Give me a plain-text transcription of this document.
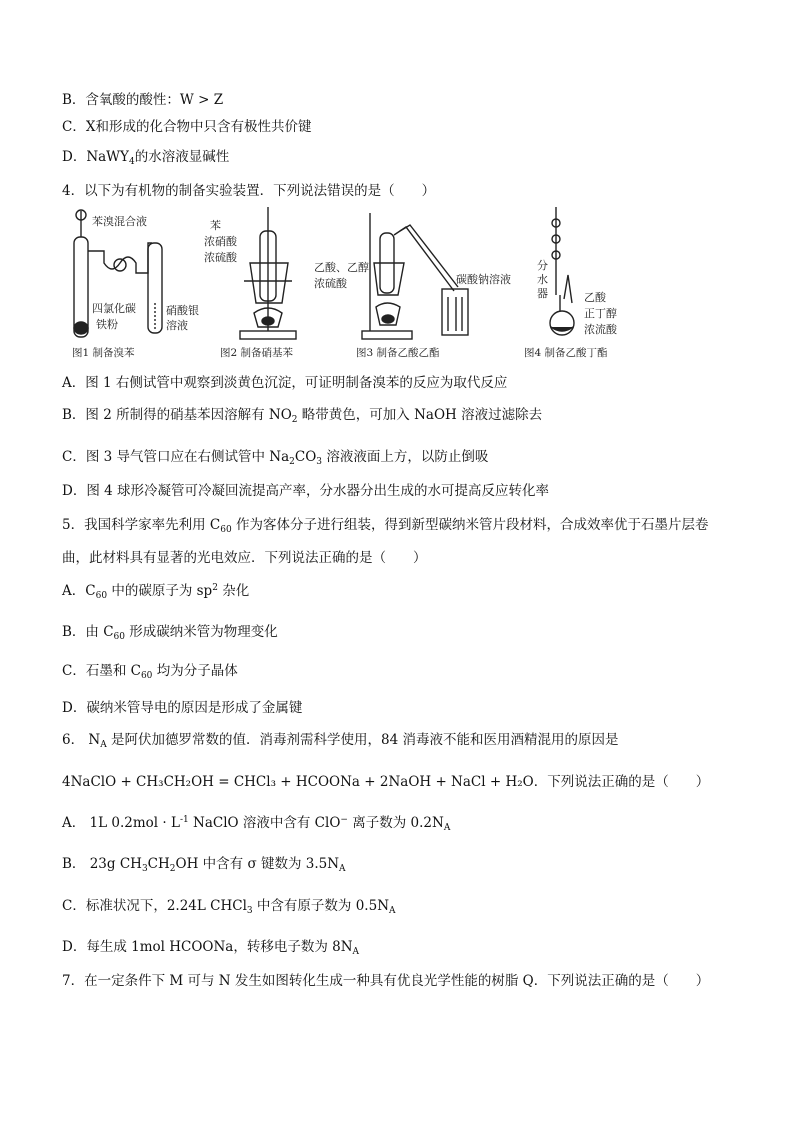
B．含氧酸的酸性：W > Z
C．X和形成的化合物中只含有极性共价键
D．NaWY$_4$的水溶液显碱性
4．以下为有机物的制备实验装置．下列说法错误的是（　　）
苯溴混合液
四氯化碳
铁粉
硝酸银
溶液
图1 制备溴苯
苯
浓硝酸
浓硫酸
图2 制备硝基苯
乙酸、乙醇
浓硫酸	碳酸钠溶液
图3 制备乙酸乙酯
分
水
器	乙酸
正丁醇
浓流酸
图4 制备乙酸丁酯
A．图 1 右侧试管中观察到淡黄色沉淀，可证明制备溴苯的反应为取代反应
B．图 2 所制得的硝基苯因溶解有 $NO_2$ 略带黄色，可加入 NaOH 溶液过滤除去
C．图 3 导气管口应在右侧试管中 $Na_2CO_3$ 溶液液面上方，以防止倒吸
D．图 4 球形冷凝管可冷凝回流提高产率，分水器分出生成的水可提高反应转化率
5．我国科学家率先利用 $C_{60}$ 作为客体分子进行组装，得到新型碳纳米管片段材料，合成效率优于石墨片层卷
曲，此材料具有显著的光电效应．下列说法正确的是（　　）
A．$C_{60}$ 中的碳原子为 $sp^2$ 杂化
B．由 $C_{60}$ 形成碳纳米管为物理变化
C．石墨和 $C_{60}$ 均为分子晶体
D．碳纳米管导电的原因是形成了金属键
6． $N_A$ 是阿伏加德罗常数的值．消毒剂需科学使用，84 消毒液不能和医用酒精混用的原因是
4NaClO + CH₃CH₂OH = CHCl₃ + HCOONa + 2NaOH + NaCl + H₂O．下列说法正确的是（　　）
A． 1L $0.2mol \cdot L^{-1}$ NaClO 溶液中含有 ClO− 离子数为 $0.2N_A$
B． 23g $CH_3CH_2OH$ 中含有 σ 键数为 $3.5N_A$
C．标准状况下，2.24L CHCl$_3$ 中含有原子数为 $0.5N_A$
D．每生成 1mol HCOONa，转移电子数为 $8N_A$
7．在一定条件下 M 可与 N 发生如图转化生成一种具有优良光学性能的树脂 Q．下列说法正确的是（　　）
